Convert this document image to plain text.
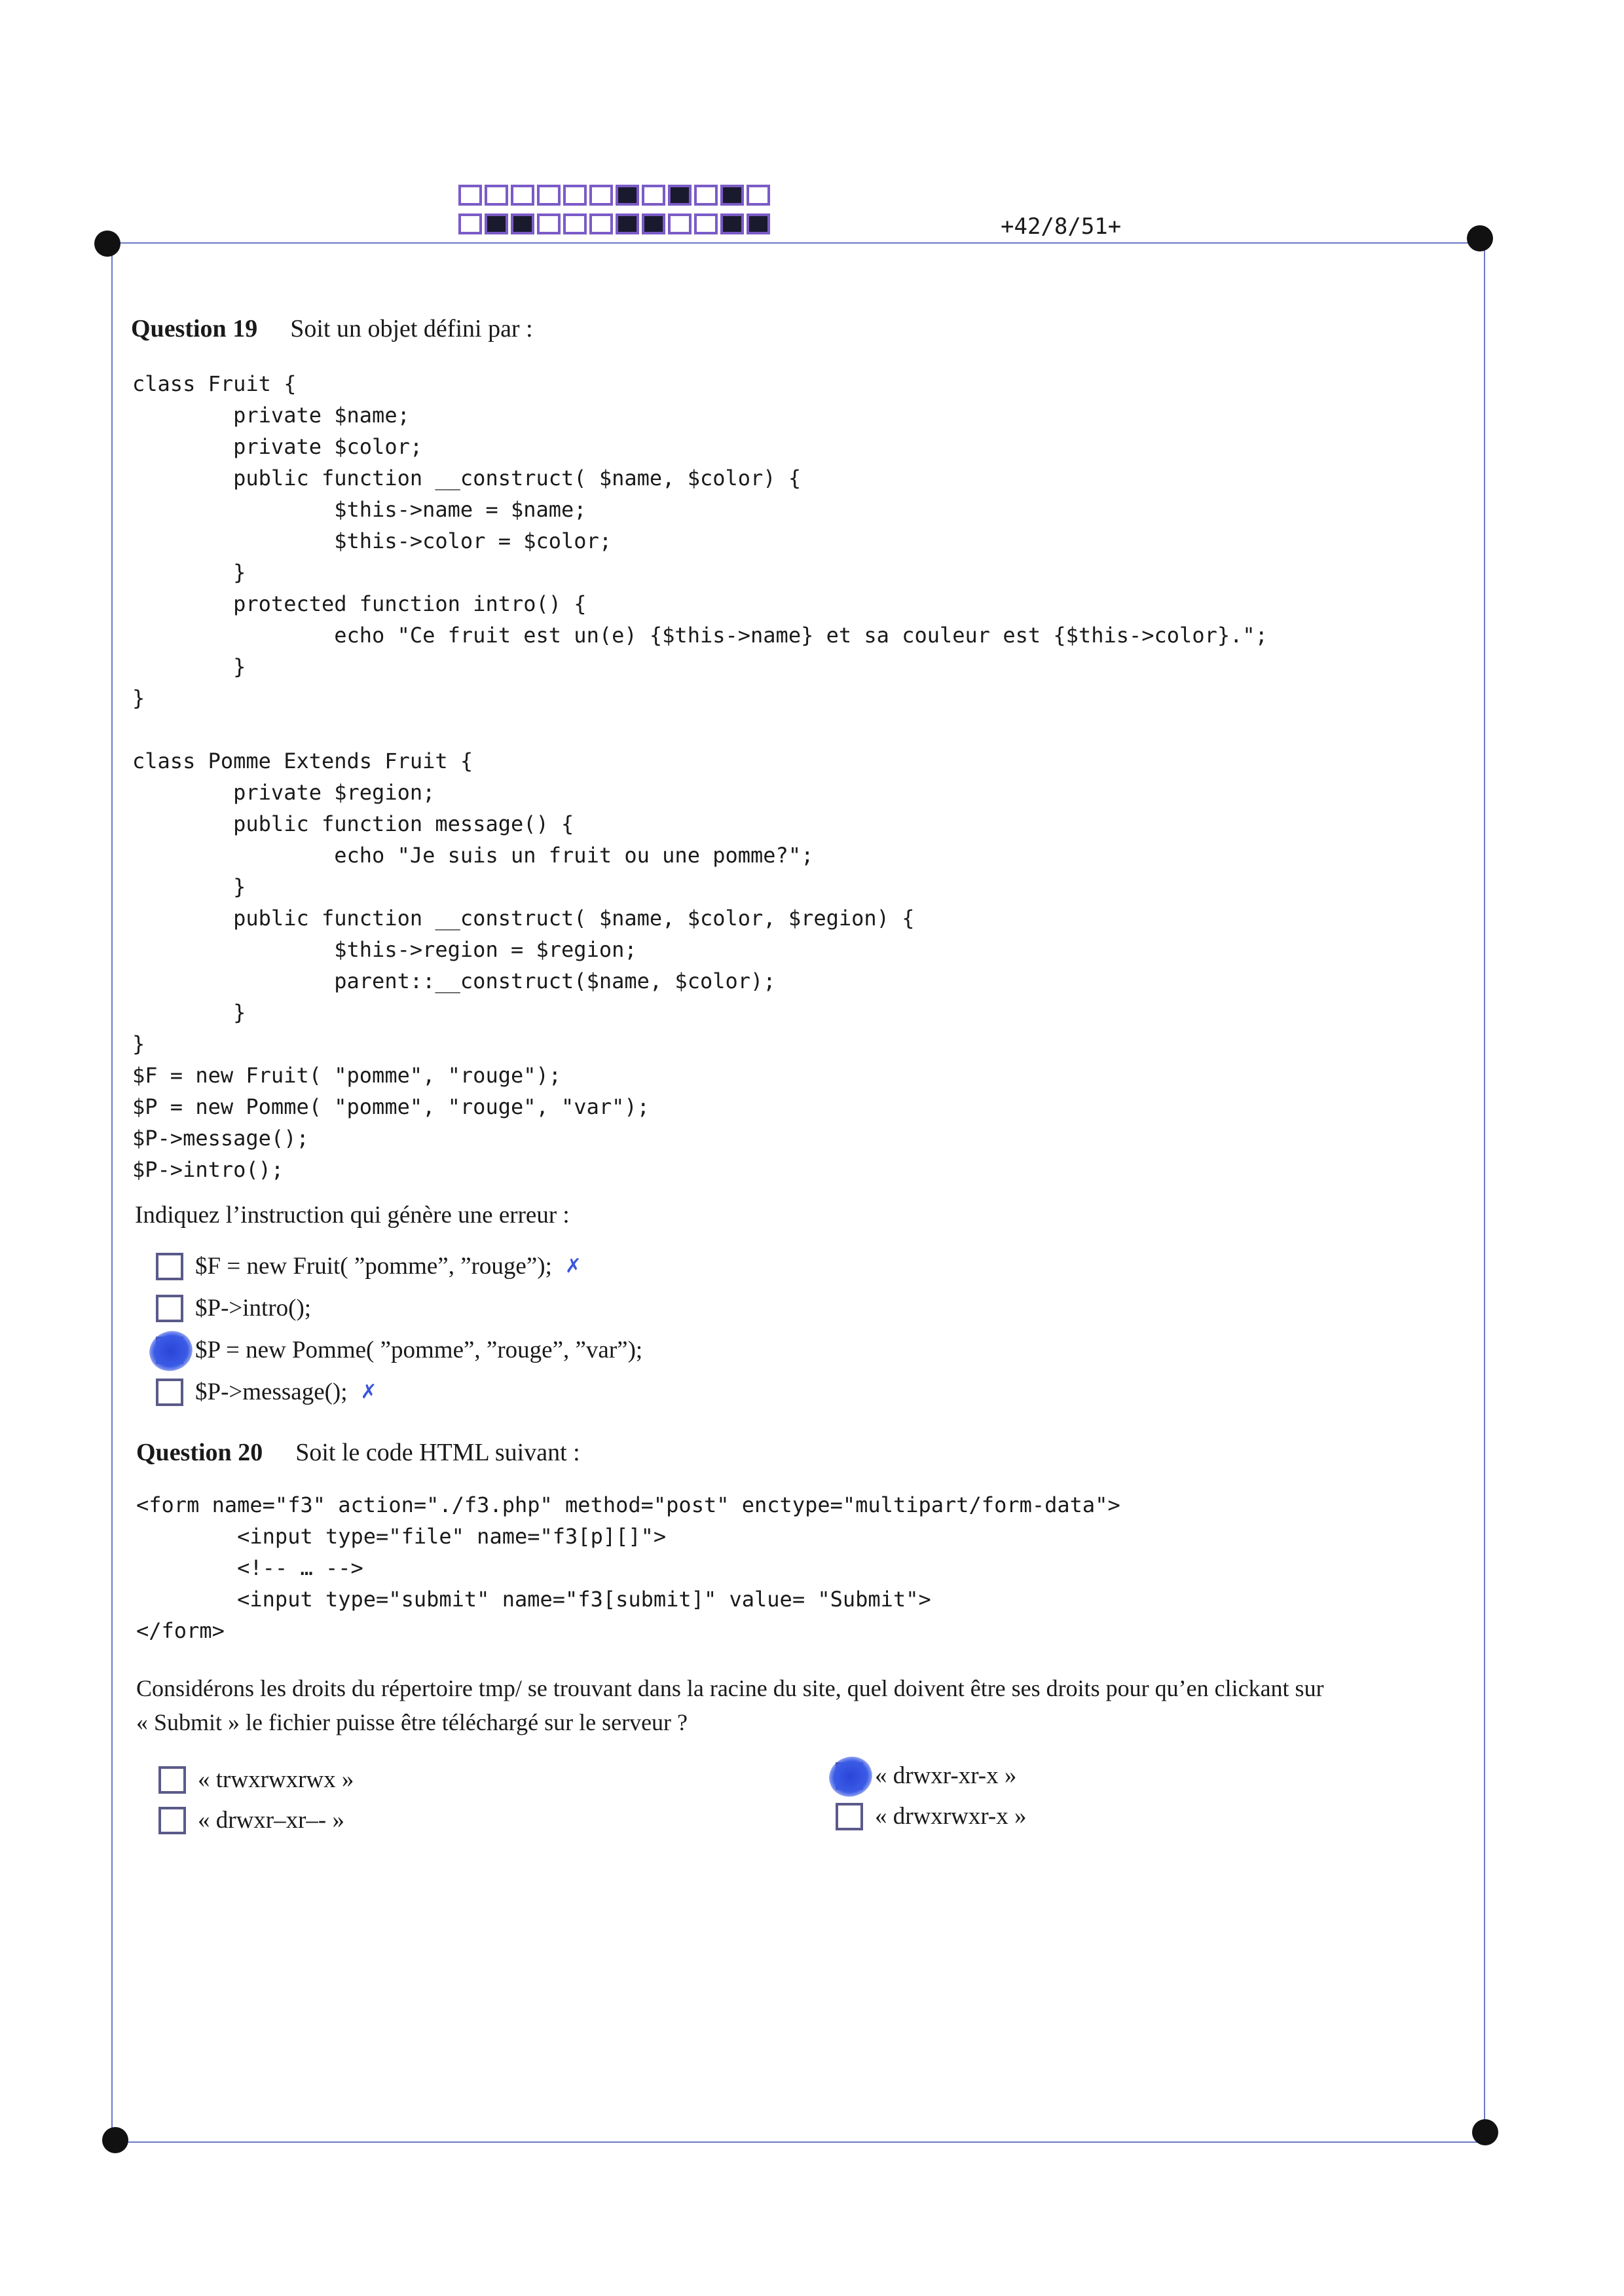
+42/8/51+
Question 19 Soit un objet défini par :
class Fruit {
private $name;
private $color;
public function __construct( $name, $color) {
$this->name = $name;
$this->color = $color;
}
protected function intro() {
echo "Ce fruit est un(e) {$this->name} et sa couleur est {$this->color}.";
}
}

class Pomme Extends Fruit {
private $region;
public function message() {
echo "Je suis un fruit ou une pomme?";
}
public function __construct( $name, $color, $region) {
$this->region = $region;
parent::__construct($name, $color);
}
}
$F = new Fruit( "pomme", "rouge");
$P = new Pomme( "pomme", "rouge", "var");
$P->message();
$P->intro();
Indiquez l’instruction qui génère une erreur :
$F = new Fruit( ”pomme”, ”rouge”); ✗
$P->intro();
$P = new Pomme( ”pomme”, ”rouge”, ”var”);
$P->message(); ✗
Question 20 Soit le code HTML suivant :
<form name="f3" action="./f3.php" method="post" enctype="multipart/form-data">
<input type="file" name="f3[p][]">
<!-- … -->
<input type="submit" name="f3[submit]" value= "Submit">
</form>
Considérons les droits du répertoire tmp/ se trouvant dans la racine du site, quel doivent être ses droits pour qu’en clickant sur
« Submit » le fichier puisse être téléchargé sur le serveur ?
« trwxrwxrwx »
« drwxr–xr–- »
« drwxr-xr-x »
« drwxrwxr-x »
